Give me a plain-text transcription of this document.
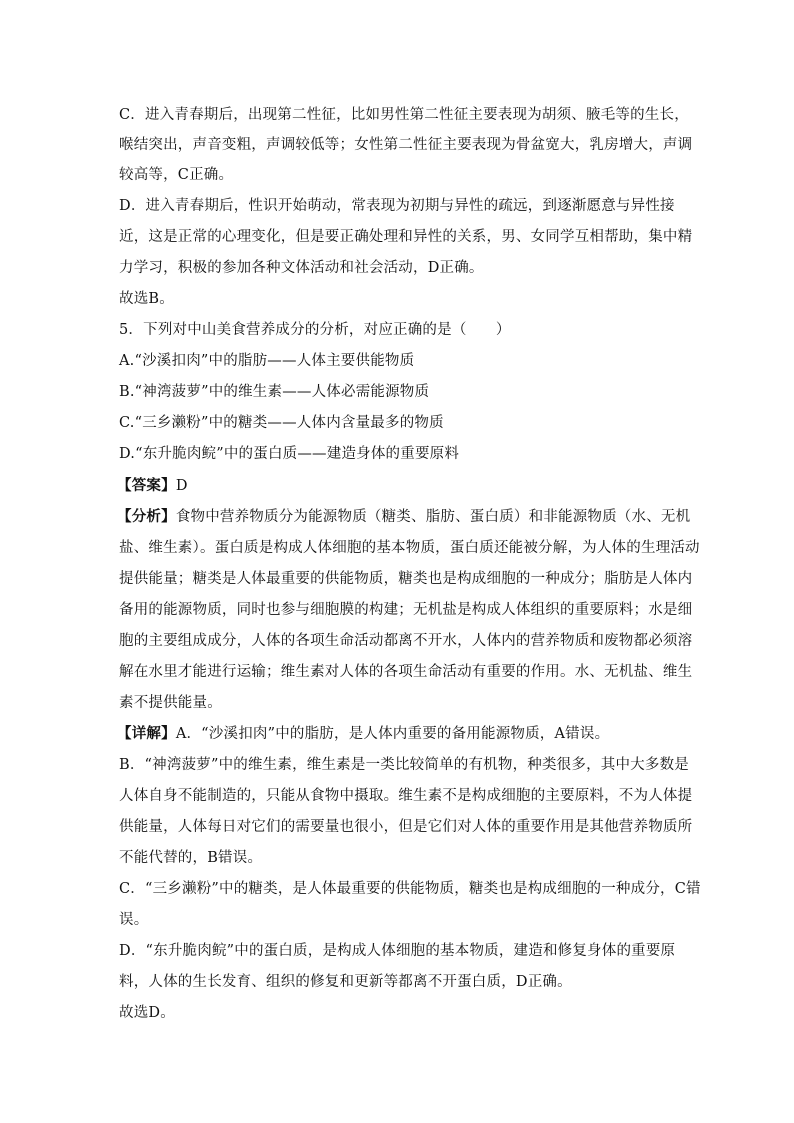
C．进入青春期后，出现第二性征，比如男性第二性征主要表现为胡须、腋毛等的生长，
喉结突出，声音变粗，声调较低等；女性第二性征主要表现为骨盆宽大，乳房增大，声调
较高等，C正确。
D．进入青春期后，性识开始萌动，常表现为初期与异性的疏远，到逐渐愿意与异性接
近，这是正常的心理变化，但是要正确处理和异性的关系，男、女同学互相帮助，集中精
力学习，积极的参加各种文体活动和社会活动，D正确。
故选B。
5．下列对中山美食营养成分的分析，对应正确的是（　　）
A.“沙溪扣肉”中的脂肪——人体主要供能物质
B.“神湾菠萝”中的维生素——人体必需能源物质
C.“三乡濑粉”中的糖类——人体内含量最多的物质
D.“东升脆肉鲩”中的蛋白质——建造身体的重要原料
【答案】D
【分析】食物中营养物质分为能源物质（糖类、脂肪、蛋白质）和非能源物质（水、无机
盐、维生素）。蛋白质是构成人体细胞的基本物质，蛋白质还能被分解，为人体的生理活动
提供能量；糖类是人体最重要的供能物质，糖类也是构成细胞的一种成分；脂肪是人体内
备用的能源物质，同时也参与细胞膜的构建；无机盐是构成人体组织的重要原料；水是细
胞的主要组成成分，人体的各项生命活动都离不开水，人体内的营养物质和废物都必须溶
解在水里才能进行运输；维生素对人体的各项生命活动有重要的作用。水、无机盐、维生
素不提供能量。
【详解】A．“沙溪扣肉”中的脂肪，是人体内重要的备用能源物质，A错误。
B．“神湾菠萝”中的维生素，维生素是一类比较简单的有机物，种类很多，其中大多数是
人体自身不能制造的，只能从食物中摄取。维生素不是构成细胞的主要原料，不为人体提
供能量，人体每日对它们的需要量也很小，但是它们对人体的重要作用是其他营养物质所
不能代替的，B错误。
C．“三乡濑粉”中的糖类，是人体最重要的供能物质，糖类也是构成细胞的一种成分，C错
误。
D．“东升脆肉鲩”中的蛋白质，是构成人体细胞的基本物质，建造和修复身体的重要原
料，人体的生长发育、组织的修复和更新等都离不开蛋白质，D正确。
故选D。
